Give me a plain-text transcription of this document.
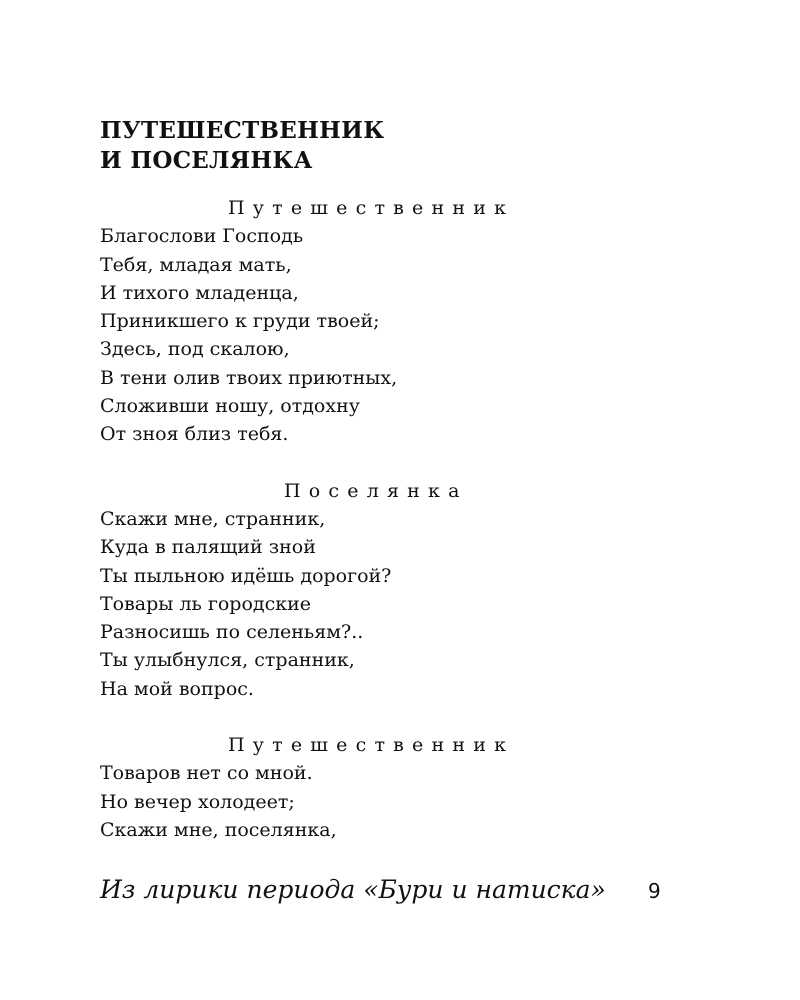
ПУТЕШЕСТВЕННИК
И ПОСЕЛЯНКА
Путешественник
Благослови Господь
Тебя, младая мать,
И тихого младенца,
Приникшего к груди твоей;
Здесь, под скалою,
В тени олив твоих приютных,
Сложивши ношу, отдохну
От зноя близ тебя.
Поселянка
Скажи мне, странник,
Куда в палящий зной
Ты пыльною идёшь дорогой?
Товары ль городские
Разносишь по селеньям?..
Ты улыбнулся, странник,
На мой вопрос.
Путешественник
Товаров нет со мной.
Но вечер холодеет;
Скажи мне, поселянка,

Из лирики периода «Бури и натиска» 9
